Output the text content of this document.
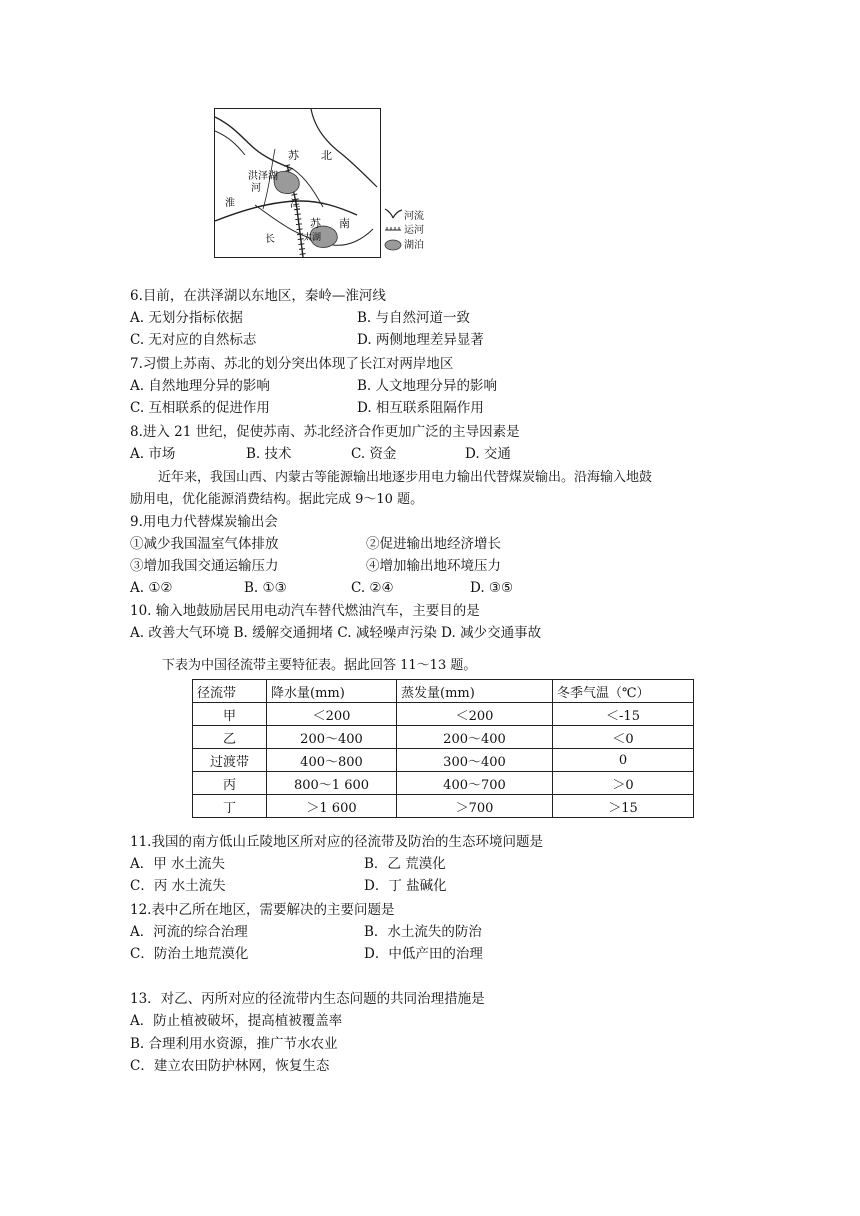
苏 北
洪泽湖
河
淮	江
苏 南
太湖
长
河流
运河
湖泊
6.目前，在洪泽湖以东地区，秦岭—淮河线
A. 无划分指标依据	B. 与自然河道一致
C. 无对应的自然标志	D. 两侧地理差异显著
7.习惯上苏南、苏北的划分突出体现了长江对两岸地区
A. 自然地理分异的影响	B. 人文地理分异的影响
C. 互相联系的促进作用	D. 相互联系阻隔作用
8.进入 21 世纪，促使苏南、苏北经济合作更加广泛的主导因素是
A. 市场	B. 技术	C. 资金	D. 交通
近年来，我国山西、内蒙古等能源输出地逐步用电力输出代替煤炭输出。沿海输入地鼓
励用电，优化能源消费结构。据此完成 9～10 题。
9.用电力代替煤炭输出会
①减少我国温室气体排放	②促进输出地经济增长
③增加我国交通运输压力	④增加输出地环境压力
A. ①②	B. ①③	C. ②④	D. ③⑤
10. 输入地鼓励居民用电动汽车替代燃油汽车，主要目的是
A. 改善大气环境 B. 缓解交通拥堵 C. 减轻噪声污染 D. 减少交通事故
下表为中国径流带主要特征表。据此回答 11～13 题。
径流带	降水量(mm)	蒸发量(mm)	冬季气温（℃）
甲	＜200	＜200	＜-15
乙	200～400	200～400	＜0
过渡带	400～800	300～400	0
丙	800～1 600	400～700	＞0
丁	＞1 600	＞700	＞15
11.我国的南方低山丘陵地区所对应的径流带及防治的生态环境问题是
A．甲 水土流失	B．乙 荒漠化
C．丙 水土流失	D．丁 盐碱化
12.表中乙所在地区，需要解决的主要问题是
A．河流的综合治理	B．水土流失的防治
C．防治土地荒漠化	D．中低产田的治理
13．对乙、丙所对应的径流带内生态问题的共同治理措施是
A．防止植被破坏，提高植被覆盖率
B. 合理利用水资源，推广节水农业
C．建立农田防护林网，恢复生态
